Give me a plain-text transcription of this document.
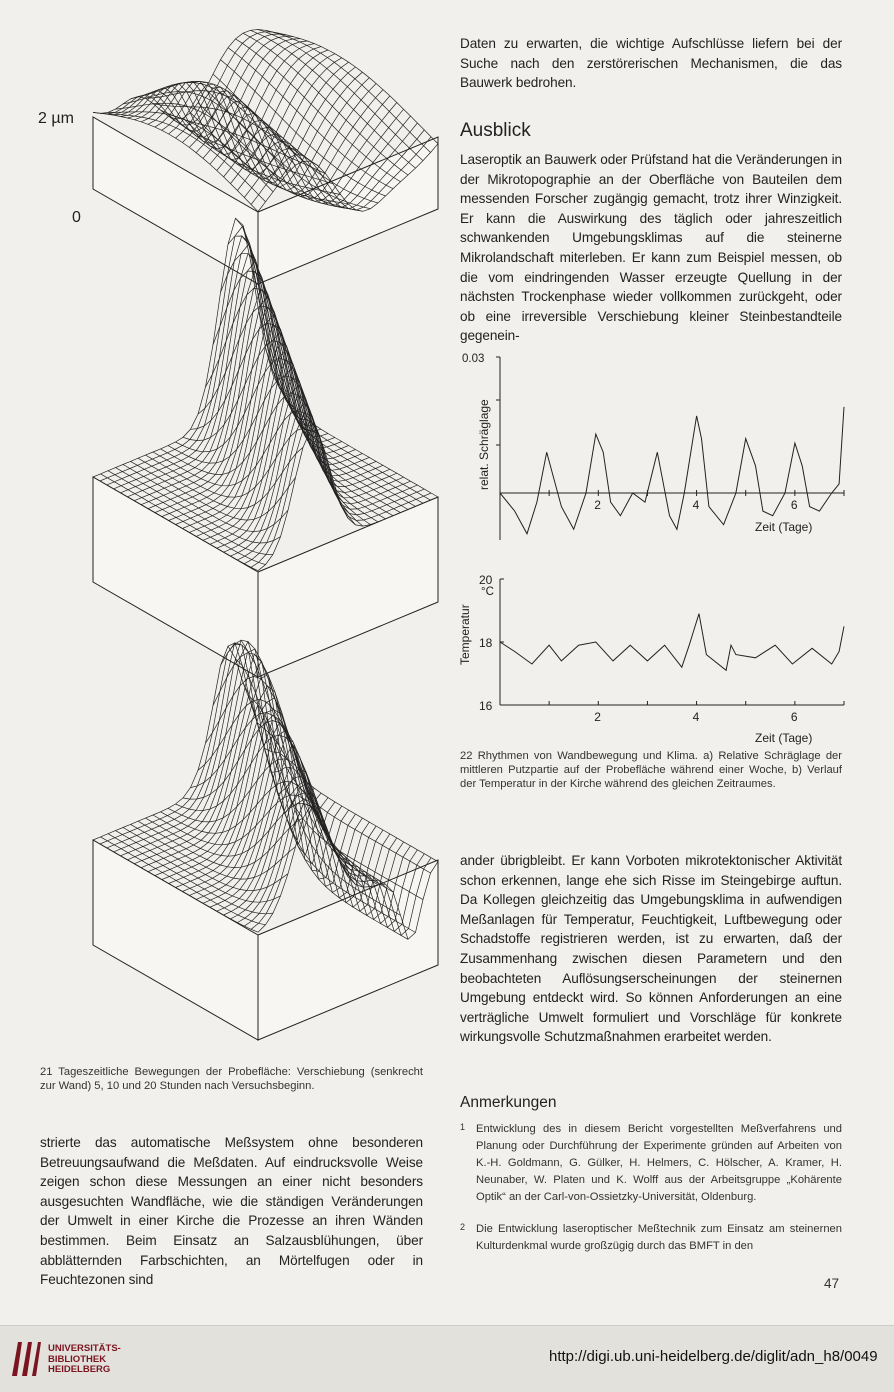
2 µm
0
21 Tageszeitliche Bewegungen der Probefläche: Verschiebung (senkrecht zur Wand) 5, 10 und 20 Stunden nach Versuchsbeginn.

Daten zu erwarten, die wichtige Aufschlüsse liefern bei der Suche nach den zerstörerischen Mechanismen, die das Bauwerk bedrohen.

Ausblick

Laseroptik an Bauwerk oder Prüfstand hat die Veränderungen in der Mikrotopographie an der Oberfläche von Bauteilen dem messenden Forscher zugängig gemacht, trotz ihrer Winzigkeit. Er kann die Auswirkung des täglich oder jahreszeitlich schwankenden Umgebungsklimas auf die steinerne Mikrolandschaft miterleben. Er kann zum Beispiel messen, ob die vom eindringenden Wasser erzeugte Quellung in der nächsten Trockenphase wieder vollkommen zurückgeht, oder ob eine irreversible Verschiebung kleiner Steinbestandteile gegenein-

0.03
2	4	6
relat. Schräglage
Zeit (Tage)
20
18
16
°C
2	4	6
Temperatur
Zeit (Tage)
22 Rhythmen von Wandbewegung und Klima. a) Relative Schräglage der mittleren Putzpartie auf der Probefläche während einer Woche, b) Verlauf der Temperatur in der Kirche während des gleichen Zeitraumes.

ander übrigbleibt. Er kann Vorboten mikrotektonischer Aktivität schon erkennen, lange ehe sich Risse im Steingebirge auftun. Da Kollegen gleichzeitig das Umgebungsklima in aufwendigen Meßanlagen für Temperatur, Feuchtigkeit, Luftbewegung oder Schadstoffe registrieren werden, ist zu erwarten, daß der Zusammenhang zwischen diesen Parametern und den beobachteten Auflösungserscheinungen der steinernen Umgebung entdeckt wird. So können Anforderungen an eine verträgliche Umwelt formuliert und Vorschläge für konkrete wirkungsvolle Schutzmaßnahmen erarbeitet werden.

strierte das automatische Meßsystem ohne besonderen Betreuungsaufwand die Meßdaten. Auf eindrucksvolle Weise zeigen schon diese Messungen an einer nicht besonders ausgesuchten Wandfläche, wie die ständigen Veränderungen der Umwelt in einer Kirche die Prozesse an ihren Wänden bestimmen. Beim Einsatz an Salzausblühungen, über abblätternden Farbschichten, an Mörtelfugen oder in Feuchtezonen sind

Anmerkungen
1 Entwicklung des in diesem Bericht vorgestellten Meßverfahrens und Planung oder Durchführung der Experimente gründen auf Arbeiten von K.-H. Goldmann, G. Gülker, H. Helmers, C. Hölscher, A. Kramer, H. Neunaber, W. Platen und K. Wolff aus der Arbeitsgruppe „Kohärente Optik“ an der Carl-von-Ossietzky-Universität, Oldenburg.
2 Die Entwicklung laseroptischer Meßtechnik zum Einsatz am steinernen Kulturdenkmal wurde großzügig durch das BMFT in den
47
UNIVERSITÄTS-
BIBLIOTHEK
HEIDELBERG
http://digi.ub.uni-heidelberg.de/diglit/adn_h8/0049
